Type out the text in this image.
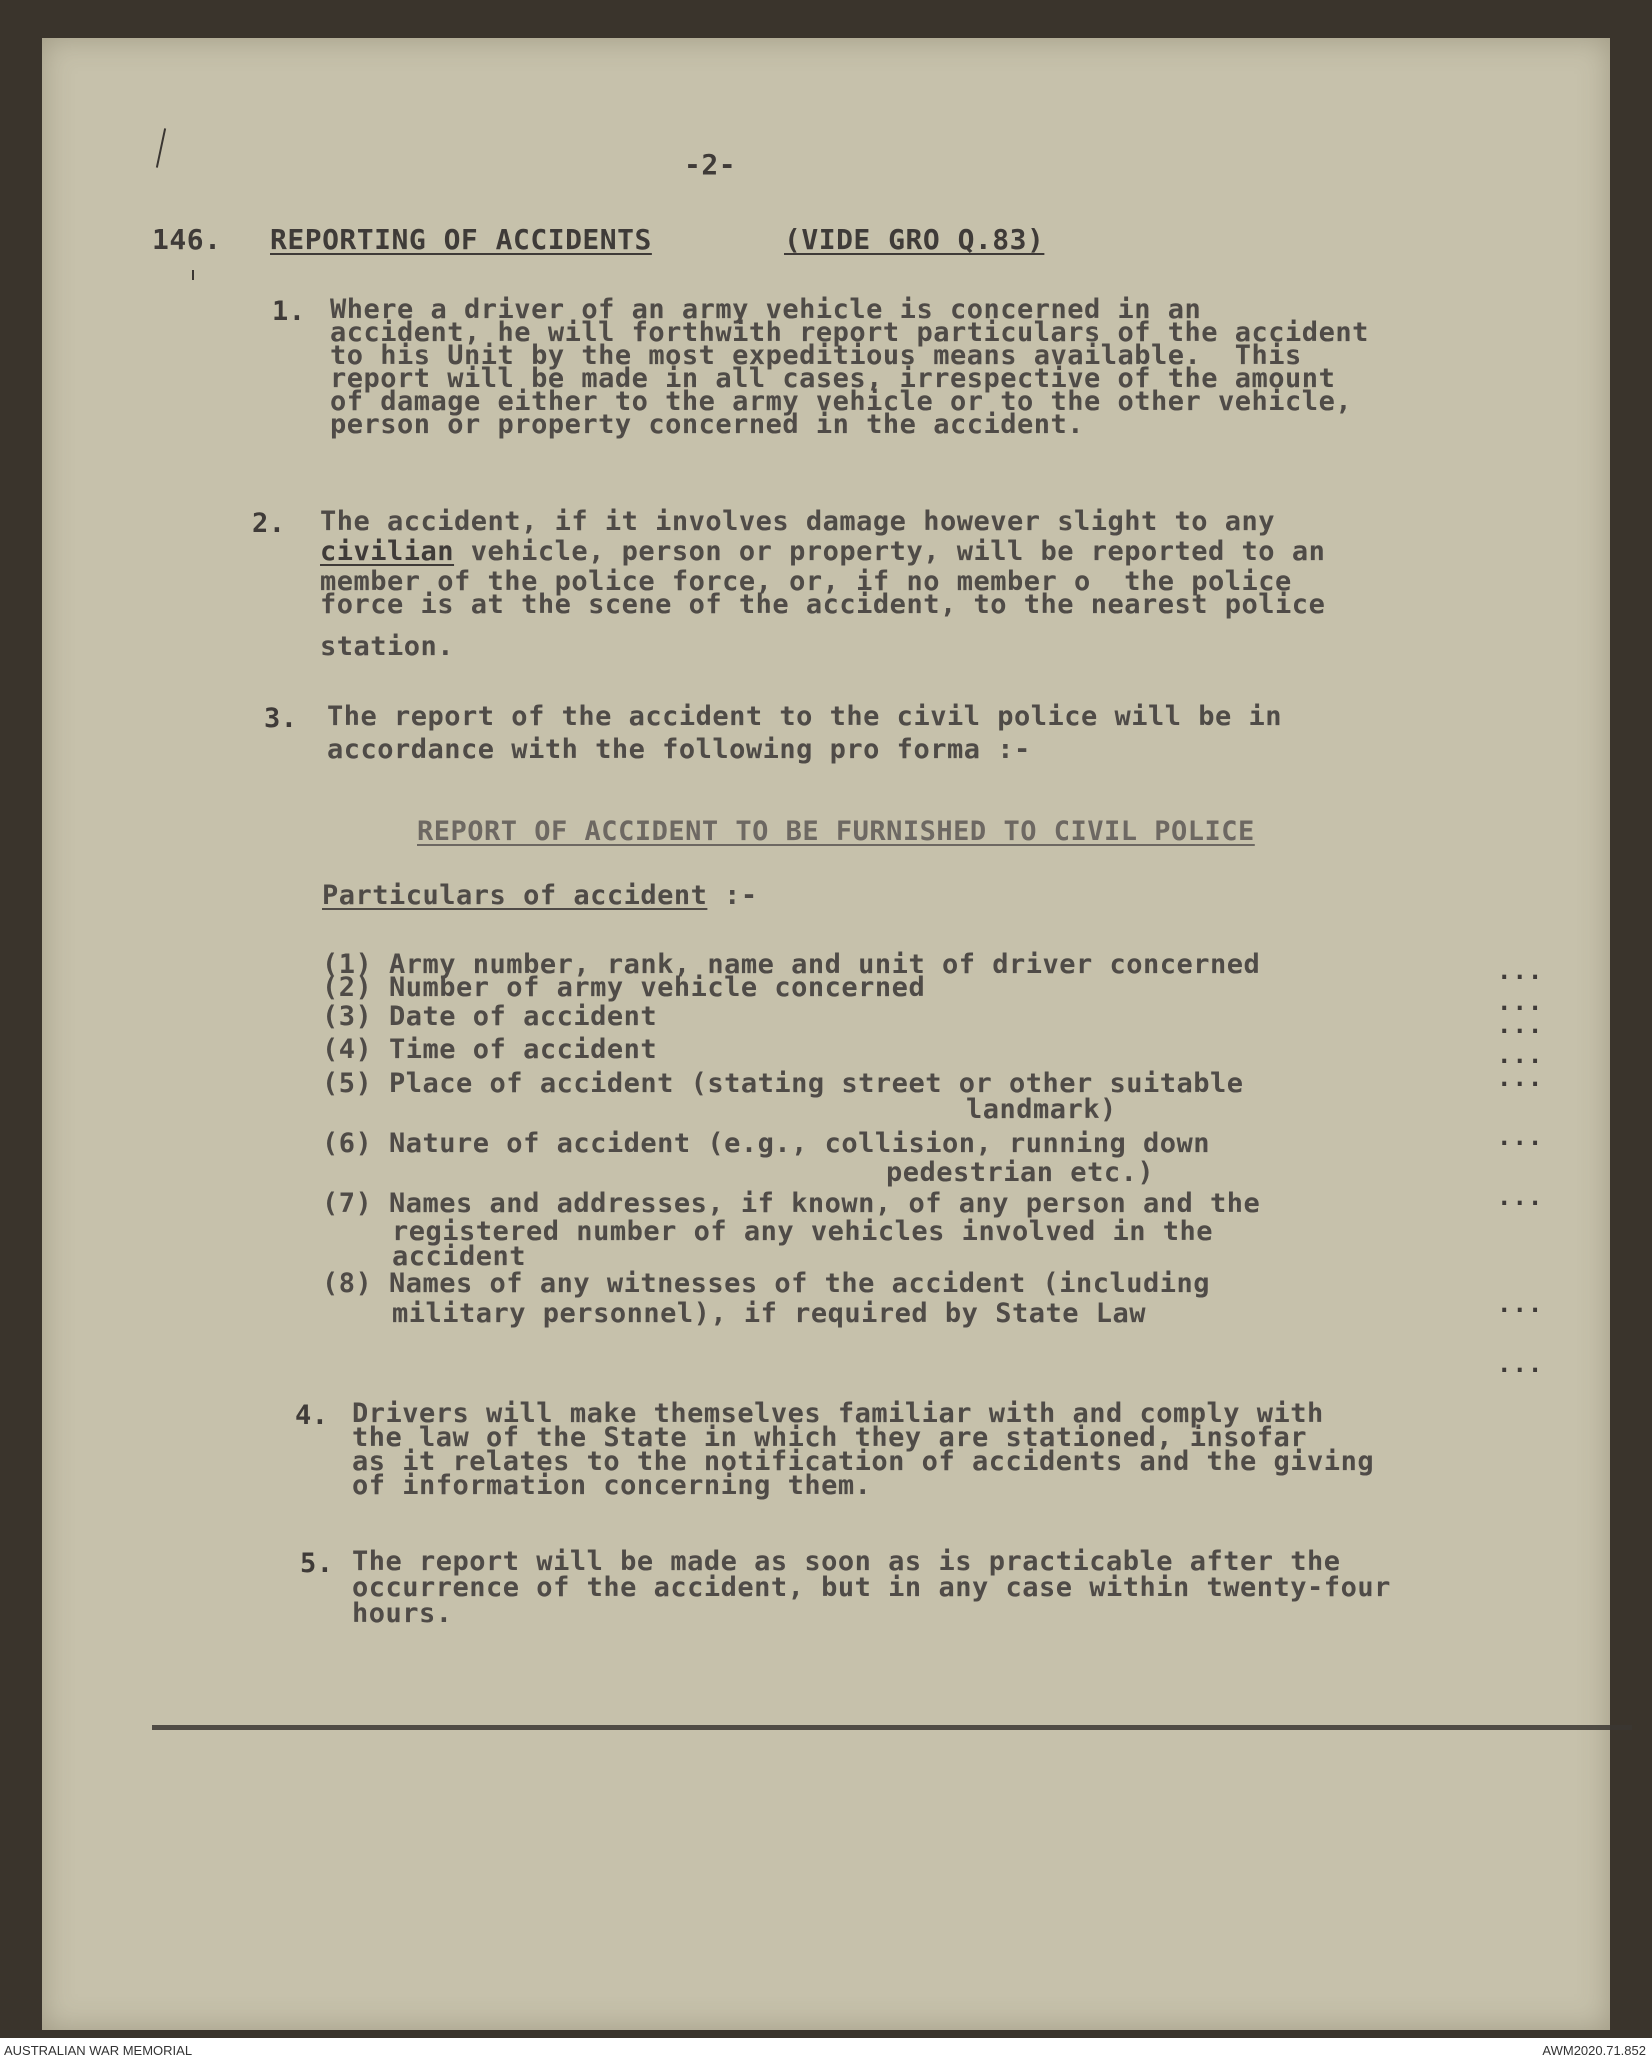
-2-
146. REPORTING OF ACCIDENTS	(VIDE GRO Q.83)
1. Where a driver of an army vehicle is concerned in an
accident, he will forthwith report particulars of the accident
to his Unit by the most expeditious means available.  This
report will be made in all cases, irrespective of the amount
of damage either to the army vehicle or to the other vehicle,
person or property concerned in the accident.
2. The accident, if it involves damage however slight to any
civilian vehicle, person or property, will be reported to an
member of the police force, or, if no member o  the police
force is at the scene of the accident, to the nearest police
station.
3. The report of the accident to the civil police will be in
accordance with the following pro forma :-
REPORT OF ACCIDENT TO BE FURNISHED TO CIVIL POLICE
Particulars of accident :-
(1) Army number, rank, name and unit of driver concerned
(2) Number of army vehicle concerned
(3) Date of accident
(4) Time of accident
(5) Place of accident (stating street or other suitable
landmark)
(6) Nature of accident (e.g., collision, running down
pedestrian etc.)
(7) Names and addresses, if known, of any person and the
registered number of any vehicles involved in the
accident
(8) Names of any witnesses of the accident (including
military personnel), if required by State Law
...
...
...
...
...
...
...
...
...
4. Drivers will make themselves familiar with and comply with
the law of the State in which they are stationed, insofar
as it relates to the notification of accidents and the giving
of information concerning them.
5. The report will be made as soon as is practicable after the
occurrence of the accident, but in any case within twenty-four
hours.
AUSTRALIAN WAR MEMORIAL	AWM2020.71.852
